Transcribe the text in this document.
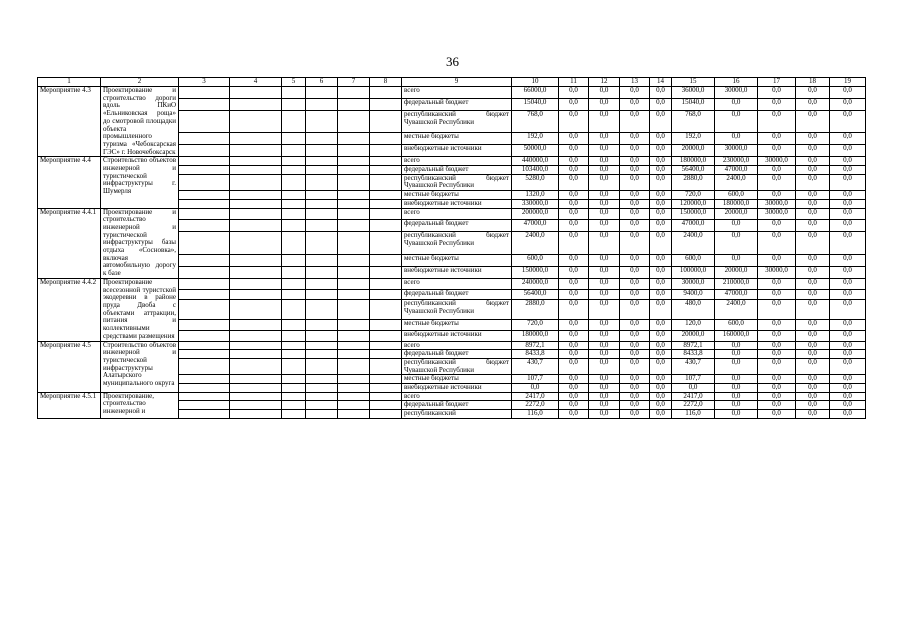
36
1	2	3	4	5	6	7	8	9	10	11	12	13	14	15	16	17	18	19
Мероприятие 4.3	Проектирование и строительство дороги вдоль ПКиО «Ельниковская роща» до смотровой площадки объекта промышленного туризма «Чебоксарская ГЭС» г. Новочебоксарск							всего	66000,0	0,0	0,0	0,0	0,0	36000,0	30000,0	0,0	0,0	0,0
								федеральный бюджет	15040,0	0,0	0,0	0,0	0,0	15040,0	0,0	0,0	0,0	0,0
								республиканский бюджет Чувашской Республики	768,0	0,0	0,0	0,0	0,0	768,0	0,0	0,0	0,0	0,0
								местные бюджеты	192,0	0,0	0,0	0,0	0,0	192,0	0,0	0,0	0,0	0,0
								внебюджетные источники	50000,0	0,0	0,0	0,0	0,0	20000,0	30000,0	0,0	0,0	0,0
Мероприятие 4.4	Строительство объектов инженерной и туристической инфраструктуры г. Шумерля							всего	440000,0	0,0	0,0	0,0	0,0	180000,0	230000,0	30000,0	0,0	0,0
								федеральный бюджет	103400,0	0,0	0,0	0,0	0,0	56400,0	47000,0	0,0	0,0	0,0
								республиканский бюджет Чувашской Республики	5280,0	0,0	0,0	0,0	0,0	2880,0	2400,0	0,0	0,0	0,0
								местные бюджеты	1320,0	0,0	0,0	0,0	0,0	720,0	600,0	0,0	0,0	0,0
								внебюджетные источники	330000,0	0,0	0,0	0,0	0,0	120000,0	180000,0	30000,0	0,0	0,0
Мероприятие 4.4.1	Проектирование и строительство инженерной и туристической инфраструктуры базы отдыха «Сосновка», включая автомобильную дорогу к базе							всего	200000,0	0,0	0,0	0,0	0,0	150000,0	20000,0	30000,0	0,0	0,0
								федеральный бюджет	47000,0	0,0	0,0	0,0	0,0	47000,0	0,0	0,0	0,0	0,0
								республиканский бюджет Чувашской Республики	2400,0	0,0	0,0	0,0	0,0	2400,0	0,0	0,0	0,0	0,0
								местные бюджеты	600,0	0,0	0,0	0,0	0,0	600,0	0,0	0,0	0,0	0,0
								внебюджетные источники	150000,0	0,0	0,0	0,0	0,0	100000,0	20000,0	30000,0	0,0	0,0
Мероприятие 4.4.2	Проектирование всесезонной туристской экодеревни в районе пруда Двоба с объектами аттракции, питания и коллективными средствами размещения							всего	240000,0	0,0	0,0	0,0	0,0	30000,0	210000,0	0,0	0,0	0,0
								федеральный бюджет	56400,0	0,0	0,0	0,0	0,0	9400,0	47000,0	0,0	0,0	0,0
								республиканский бюджет Чувашской Республики	2880,0	0,0	0,0	0,0	0,0	480,0	2400,0	0,0	0,0	0,0
								местные бюджеты	720,0	0,0	0,0	0,0	0,0	120,0	600,0	0,0	0,0	0,0
								внебюджетные источники	180000,0	0,0	0,0	0,0	0,0	20000,0	160000,0	0,0	0,0	0,0
Мероприятие 4.5	Строительство объектов инженерной и туристической инфраструктуры Алатырского муниципального округа							всего	8972,1	0,0	0,0	0,0	0,0	8972,1	0,0	0,0	0,0	0,0
								федеральный бюджет	8433,8	0,0	0,0	0,0	0,0	8433,8	0,0	0,0	0,0	0,0
								республиканский бюджет Чувашской Республики	430,7	0,0	0,0	0,0	0,0	430,7	0,0	0,0	0,0	0,0
								местные бюджеты	107,7	0,0	0,0	0,0	0,0	107,7	0,0	0,0	0,0	0,0
								внебюджетные источники	0,0	0,0	0,0	0,0	0,0	0,0	0,0	0,0	0,0	0,0
Мероприятие 4.5.1	Проектирование, строительство инженерной и							всего	2417,0	0,0	0,0	0,0	0,0	2417,0	0,0	0,0	0,0	0,0
								федеральный бюджет	2272,0	0,0	0,0	0,0	0,0	2272,0	0,0	0,0	0,0	0,0
								республиканский	116,0	0,0	0,0	0,0	0,0	116,0	0,0	0,0	0,0	0,0
